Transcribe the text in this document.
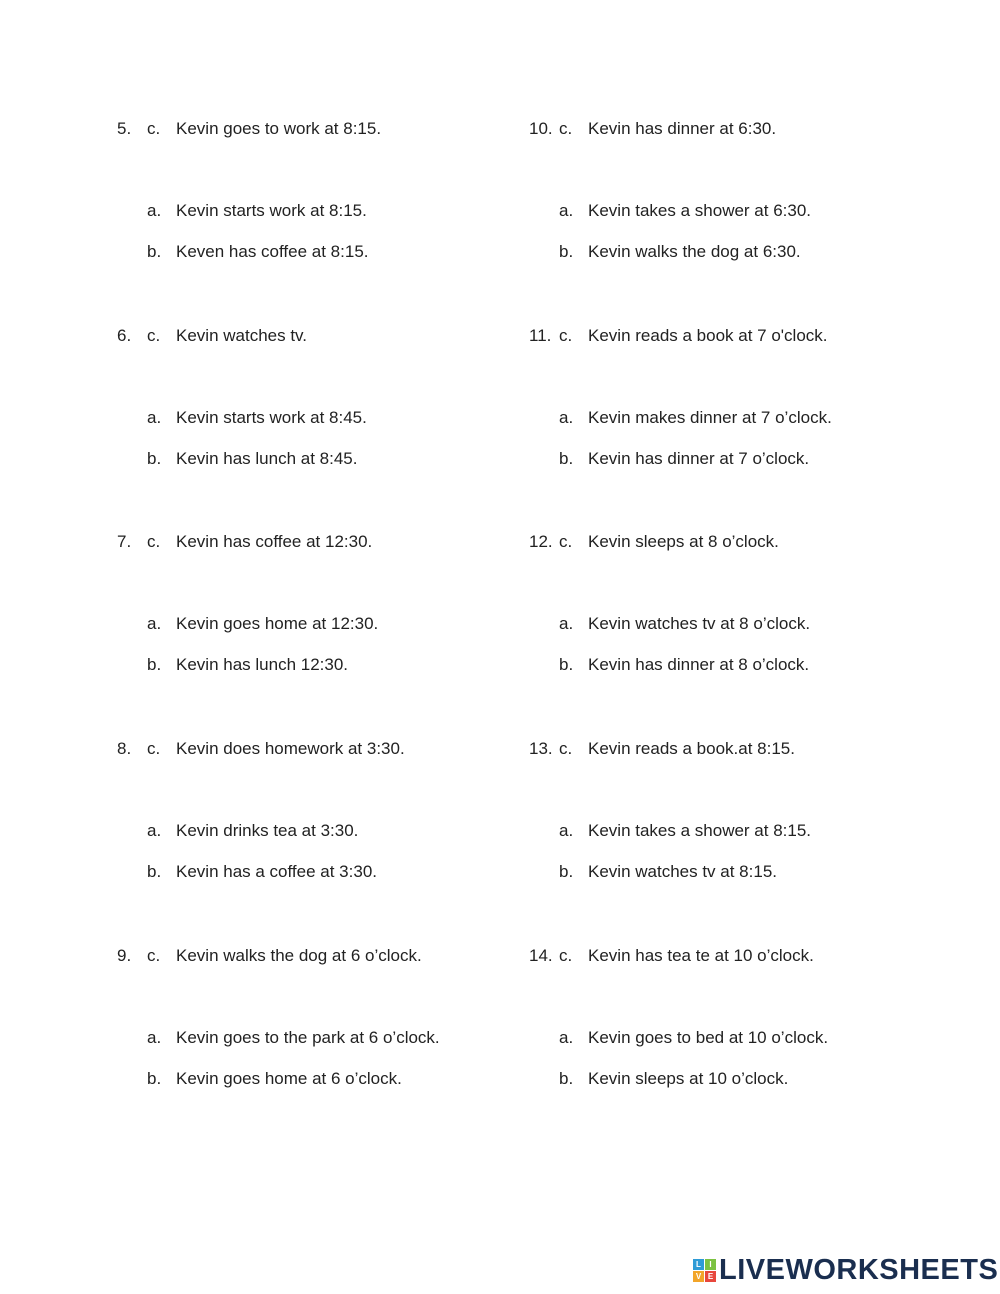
5.
a. Kevin starts work at 8:15.
b. Keven has coffee at 8:15.
c. Kevin goes to work at 8:15.
6.
a. Kevin starts work at 8:45.
b. Kevin has lunch at 8:45.
c. Kevin watches tv.
7.
a. Kevin goes home at 12:30.
b. Kevin has lunch 12:30.
c. Kevin has coffee at 12:30.
8.
a. Kevin drinks tea at 3:30.
b. Kevin has a coffee at 3:30.
c. Kevin does homework at 3:30.
9.
a. Kevin goes to the park at 6 o’clock.
b. Kevin goes home at 6 o’clock.
c. Kevin walks the dog at 6 o’clock.
10.
a. Kevin takes a shower at 6:30.
b. Kevin walks the dog at 6:30.
c. Kevin has dinner at 6:30.
11.
a. Kevin makes dinner at 7 o’clock.
b. Kevin has dinner at 7 o’clock.
c. Kevin reads a book at 7 o'clock.
12.
a. Kevin watches tv at 8 o’clock.
b. Kevin has dinner at 8 o’clock.
c. Kevin sleeps at 8 o’clock.
13.
a. Kevin takes a shower at 8:15.
b. Kevin watches tv at 8:15.
c. Kevin reads a book.at 8:15.
14.
a. Kevin goes to bed at 10 o’clock.
b. Kevin sleeps at 10 o’clock.
c. Kevin has tea te at 10 o’clock.
L	I
V E LIVEWORKSHEETS
